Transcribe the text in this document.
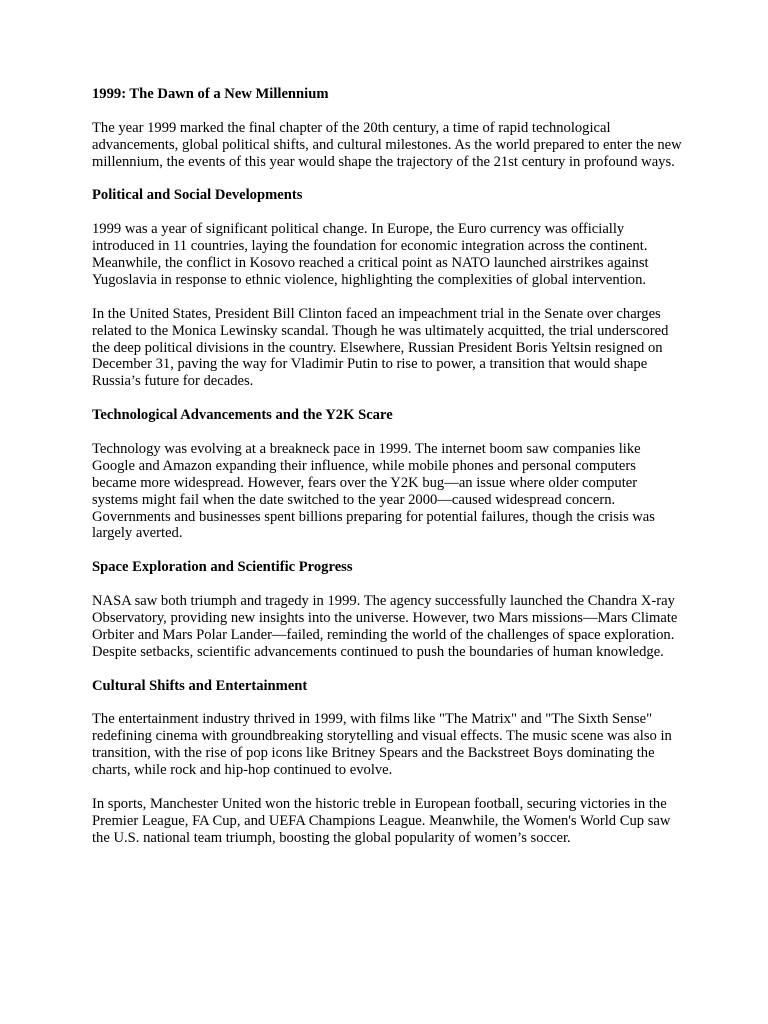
1999: The Dawn of a New Millennium

The year 1999 marked the final chapter of the 20th century, a time of rapid technological advancements, global political shifts, and cultural milestones. As the world prepared to enter the new millennium, the events of this year would shape the trajectory of the 21st century in profound ways.

Political and Social Developments

1999 was a year of significant political change. In Europe, the Euro currency was officially introduced in 11 countries, laying the foundation for economic integration across the continent. Meanwhile, the conflict in Kosovo reached a critical point as NATO launched airstrikes against Yugoslavia in response to ethnic violence, highlighting the complexities of global intervention.

In the United States, President Bill Clinton faced an impeachment trial in the Senate over charges related to the Monica Lewinsky scandal. Though he was ultimately acquitted, the trial underscored the deep political divisions in the country. Elsewhere, Russian President Boris Yeltsin resigned on December 31, paving the way for Vladimir Putin to rise to power, a transition that would shape Russia’s future for decades.

Technological Advancements and the Y2K Scare

Technology was evolving at a breakneck pace in 1999. The internet boom saw companies like Google and Amazon expanding their influence, while mobile phones and personal computers became more widespread. However, fears over the Y2K bug—an issue where older computer systems might fail when the date switched to the year 2000—caused widespread concern. Governments and businesses spent billions preparing for potential failures, though the crisis was largely averted.

Space Exploration and Scientific Progress

NASA saw both triumph and tragedy in 1999. The agency successfully launched the Chandra X-ray Observatory, providing new insights into the universe. However, two Mars missions—Mars Climate Orbiter and Mars Polar Lander—failed, reminding the world of the challenges of space exploration. Despite setbacks, scientific advancements continued to push the boundaries of human knowledge.

Cultural Shifts and Entertainment

The entertainment industry thrived in 1999, with films like "The Matrix" and "The Sixth Sense" redefining cinema with groundbreaking storytelling and visual effects. The music scene was also in transition, with the rise of pop icons like Britney Spears and the Backstreet Boys dominating the charts, while rock and hip-hop continued to evolve.

In sports, Manchester United won the historic treble in European football, securing victories in the Premier League, FA Cup, and UEFA Champions League. Meanwhile, the Women's World Cup saw the U.S. national team triumph, boosting the global popularity of women’s soccer.
